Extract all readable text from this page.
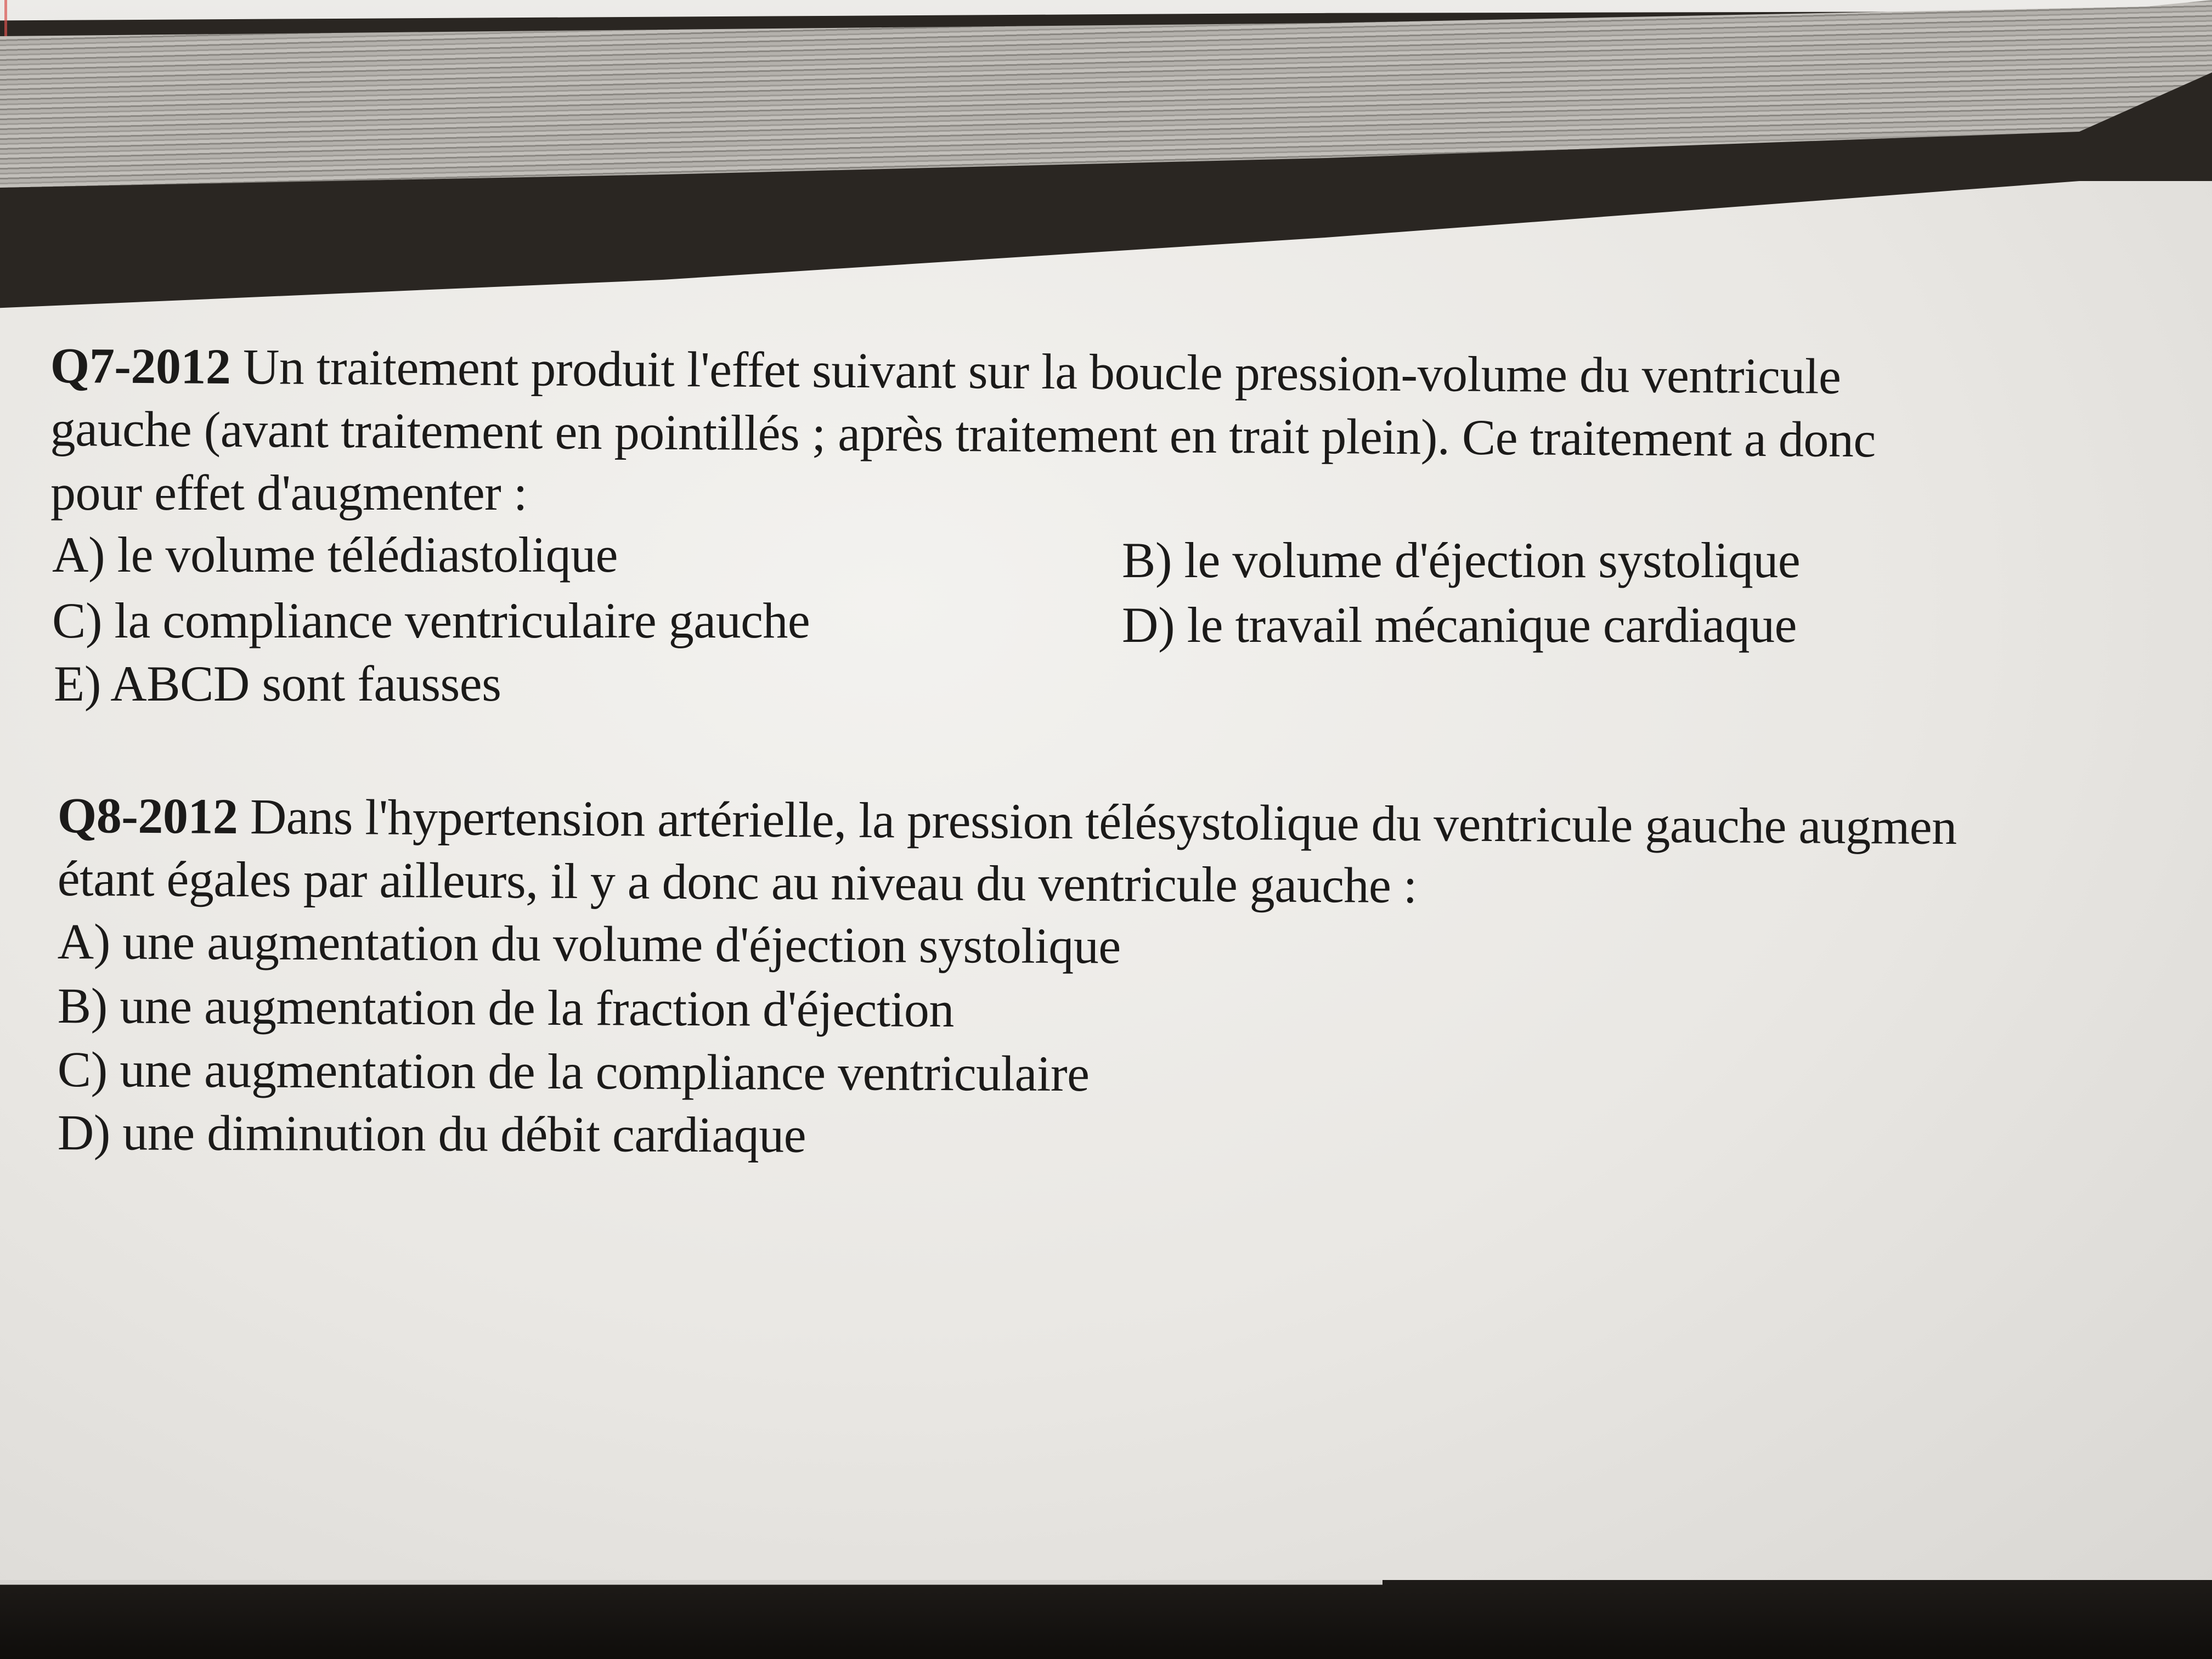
Q7-2012 Un traitement produit l'effet suivant sur la boucle pression-volume du ventricule
gauche (avant traitement en pointillés ; après traitement en trait plein). Ce traitement a donc
pour effet d'augmenter :
A) le volume télédiastolique	B) le volume d'éjection systolique
C) la compliance ventriculaire gauche	D) le travail mécanique cardiaque
E) ABCD sont fausses
Q8-2012 Dans l'hypertension artérielle, la pression télésystolique du ventricule gauche augmen
étant égales par ailleurs, il y a donc au niveau du ventricule gauche :
A) une augmentation du volume d'éjection systolique
B) une augmentation de la fraction d'éjection
C) une augmentation de la compliance ventriculaire
D) une diminution du débit cardiaque
